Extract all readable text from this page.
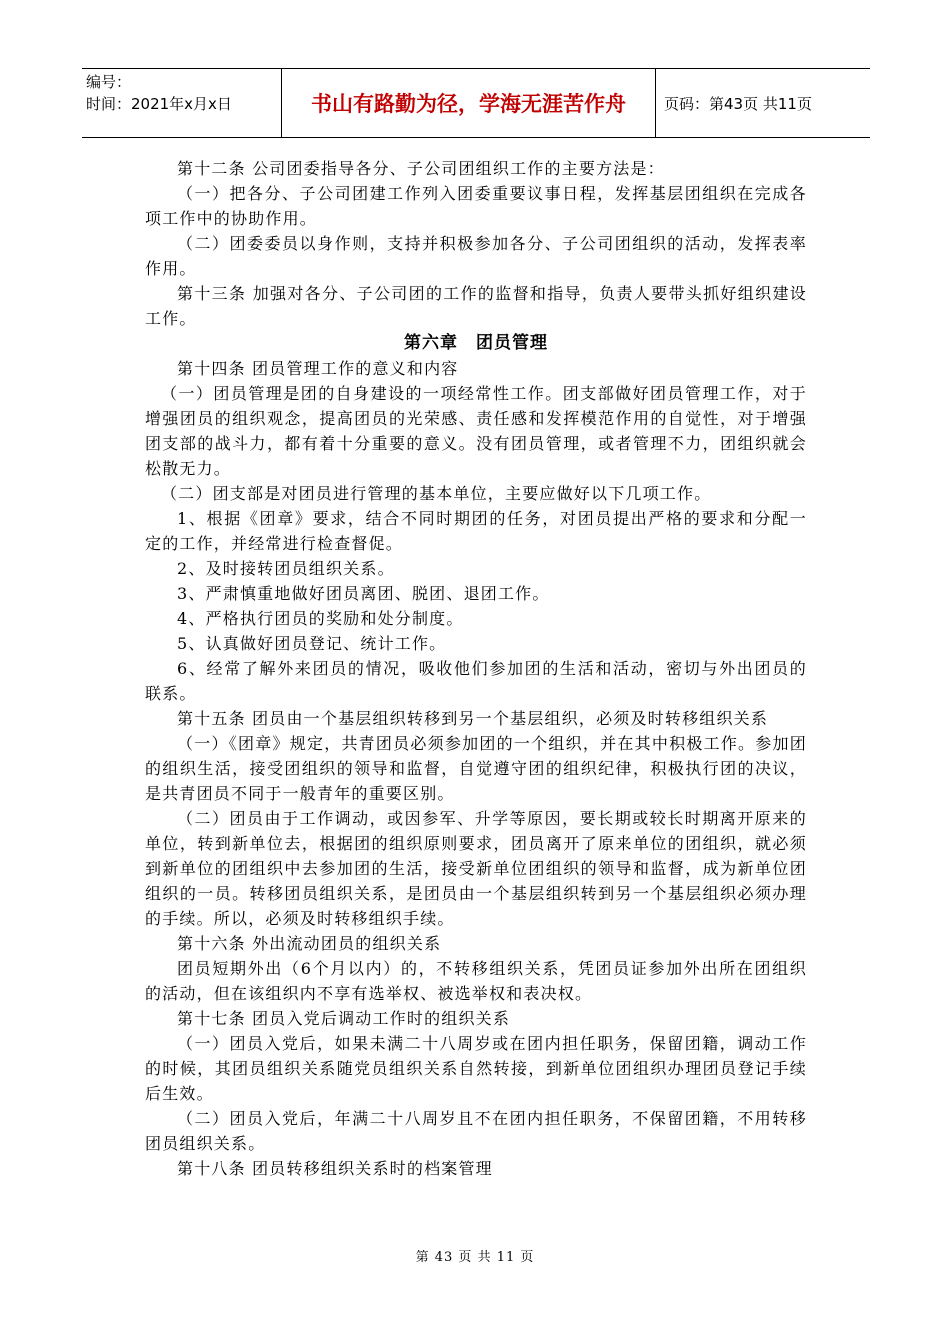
编号：
时间：2021年x月x日	书山有路勤为径，学海无涯苦作舟	页码：第43页 共11页

第十二条 公司团委指导各分、子公司团组织工作的主要方法是：

（一）把各分、子公司团建工作列入团委重要议事日程，发挥基层团组织在完成各项工作中的协助作用。

（二）团委委员以身作则，支持并积极参加各分、子公司团组织的活动，发挥表率作用。

第十三条 加强对各分、子公司团的工作的监督和指导，负责人要带头抓好组织建设工作。

第六章　团员管理

第十四条 团员管理工作的意义和内容

（一）团员管理是团的自身建设的一项经常性工作。团支部做好团员管理工作，对于增强团员的组织观念，提高团员的光荣感、责任感和发挥模范作用的自觉性，对于增强团支部的战斗力，都有着十分重要的意义。没有团员管理，或者管理不力，团组织就会松散无力。

（二）团支部是对团员进行管理的基本单位，主要应做好以下几项工作。

1、根据《团章》要求，结合不同时期团的任务，对团员提出严格的要求和分配一定的工作，并经常进行检查督促。

2、及时接转团员组织关系。

3、严肃慎重地做好团员离团、脱团、退团工作。

4、严格执行团员的奖励和处分制度。

5、认真做好团员登记、统计工作。

6、经常了解外来团员的情况，吸收他们参加团的生活和活动，密切与外出团员的联系。

第十五条 团员由一个基层组织转移到另一个基层组织，必须及时转移组织关系

（一）《团章》规定，共青团员必须参加团的一个组织，并在其中积极工作。参加团的组织生活，接受团组织的领导和监督，自觉遵守团的组织纪律，积极执行团的决议，是共青团员不同于一般青年的重要区别。

（二）团员由于工作调动，或因参军、升学等原因，要长期或较长时期离开原来的单位，转到新单位去，根据团的组织原则要求，团员离开了原来单位的团组织，就必须到新单位的团组织中去参加团的生活，接受新单位团组织的领导和监督，成为新单位团组织的一员。转移团员组织关系，是团员由一个基层组织转到另一个基层组织必须办理的手续。所以，必须及时转移组织手续。

第十六条 外出流动团员的组织关系

团员短期外出（6个月以内）的，不转移组织关系，凭团员证参加外出所在团组织的活动，但在该组织内不享有选举权、被选举权和表决权。

第十七条 团员入党后调动工作时的组织关系

（一）团员入党后，如果未满二十八周岁或在团内担任职务，保留团籍，调动工作的时候，其团员组织关系随党员组织关系自然转接，到新单位团组织办理团员登记手续后生效。

（二）团员入党后，年满二十八周岁且不在团内担任职务，不保留团籍，不用转移团员组织关系。

第十八条 团员转移组织关系时的档案管理

第 43 页 共 11 页
